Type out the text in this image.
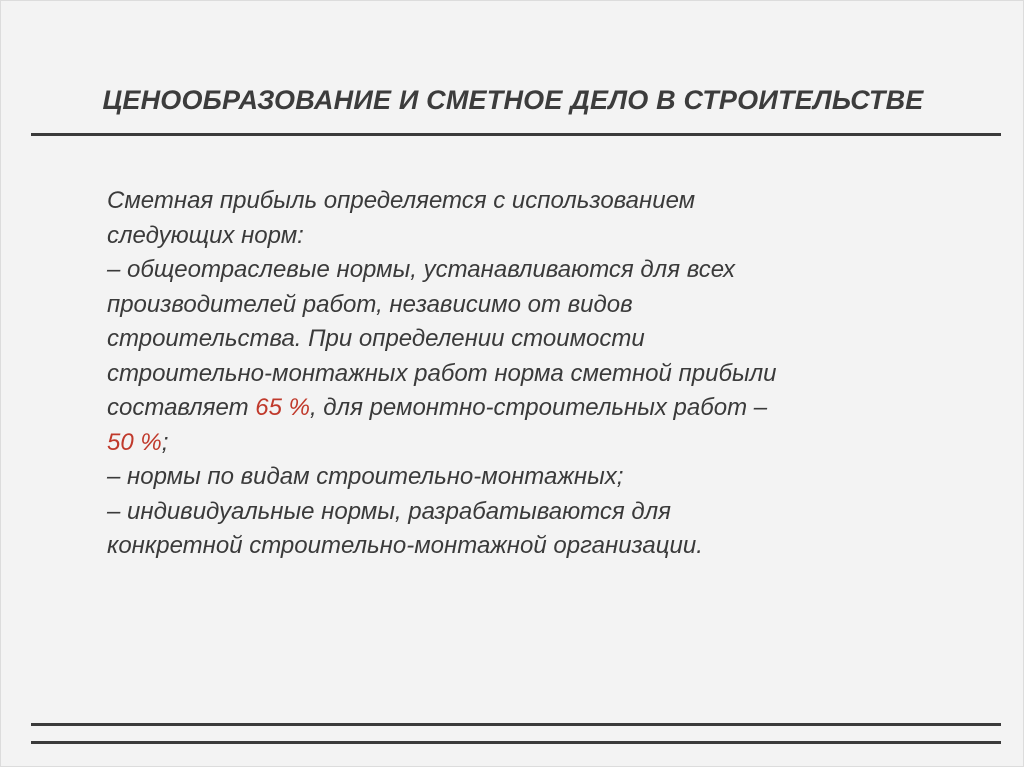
ЦЕНООБРАЗОВАНИЕ И СМЕТНОЕ ДЕЛО В СТРОИТЕЛЬСТВЕ
Сметная прибыль определяется с использованием
следующих норм:
– общеотраслевые нормы, устанавливаются для всех
производителей работ, независимо от видов
строительства. При определении стоимости
строительно-монтажных работ норма сметной прибыли
составляет 65 %, для ремонтно-строительных работ –
50 %;
– нормы по видам строительно-монтажных;
– индивидуальные нормы, разрабатываются для
конкретной строительно-монтажной организации.
